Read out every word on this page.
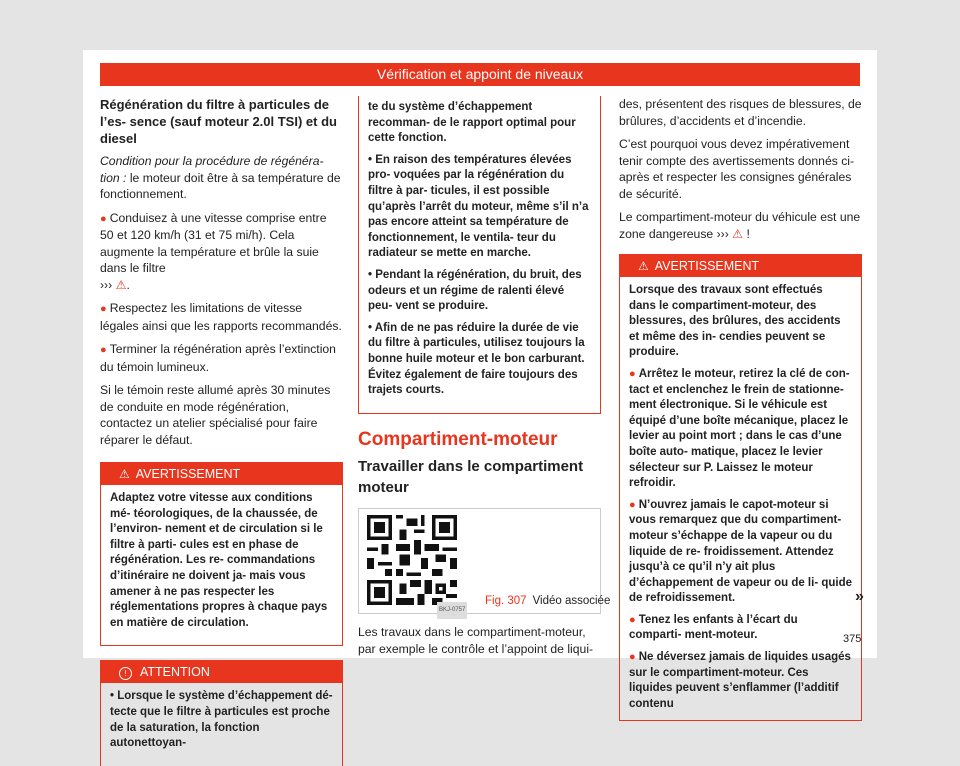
Vérification et appoint de niveaux

Régénération du filtre à particules de l’es- sence (sauf moteur 2.0l TSI) et du diesel

Condition pour la procédure de régénéra- tion : le moteur doit être à sa température de fonctionnement.

● Conduisez à une vitesse comprise entre 50 et 120 km/h (31 et 75 mi/h). Cela augmente la température et brûle la suie dans le filtre
››› ⚠.

● Respectez les limitations de vitesse légales ainsi que les rapports recommandés.

● Terminer la régénération après l’extinction du témoin lumineux.

Si le témoin reste allumé après 30 minutes de conduite en mode régénération, contactez un atelier spécialisé pour faire réparer le défaut.

⚠ AVERTISSEMENT

Adaptez votre vitesse aux conditions mé- téorologiques, de la chaussée, de l’environ- nement et de circulation si le filtre à parti- cules est en phase de régénération. Les re- commandations d’itinéraire ne doivent ja- mais vous amener à ne pas respecter les réglementations propres à chaque pays en matière de circulation.

! ATTENTION

• Lorsque le système d’échappement dé- tecte que le filtre à particules est proche de la saturation, la fonction autonettoyan-

te du système d’échappement recomman- de le rapport optimal pour cette fonction.

• En raison des températures élevées pro- voquées par la régénération du filtre à par- ticules, il est possible qu’après l’arrêt du moteur, même s’il n’a pas encore atteint sa température de fonctionnement, le ventila- teur du radiateur se mette en marche.

• Pendant la régénération, du bruit, des odeurs et un régime de ralenti élevé peu- vent se produire.

• Afin de ne pas réduire la durée de vie du filtre à particules, utilisez toujours la bonne huile moteur et le bon carburant. Évitez également de faire toujours des trajets courts.

Compartiment-moteur
Travailler dans le compartiment moteur
BKJ-0757
Fig. 307 Vidéo associée

Les travaux dans le compartiment-moteur, par exemple le contrôle et l’appoint de liqui-

des, présentent des risques de blessures, de brûlures, d’accidents et d’incendie.

C’est pourquoi vous devez impérativement tenir compte des avertissements donnés ci- après et respecter les consignes générales de sécurité.

Le compartiment-moteur du véhicule est une zone dangereuse ››› ⚠ !

⚠ AVERTISSEMENT

Lorsque des travaux sont effectués dans le compartiment-moteur, des blessures, des brûlures, des accidents et même des in- cendies peuvent se produire.

● Arrêtez le moteur, retirez la clé de con- tact et enclenchez le frein de stationne- ment électronique. Si le véhicule est équipé d’une boîte mécanique, placez le levier au point mort ; dans le cas d’une boîte auto- matique, placez le levier sélecteur sur P. Laissez le moteur refroidir.

● N’ouvrez jamais le capot-moteur si vous remarquez que du compartiment-moteur s’échappe de la vapeur ou du liquide de re- froidissement. Attendez jusqu’à ce qu’il n’y ait plus d’échappement de vapeur ou de li- quide de refroidissement.

● Tenez les enfants à l’écart du comparti- ment-moteur.

● Ne déversez jamais de liquides usagés sur le compartiment-moteur. Ces liquides peuvent s’enflammer (l’additif contenu

»
375
